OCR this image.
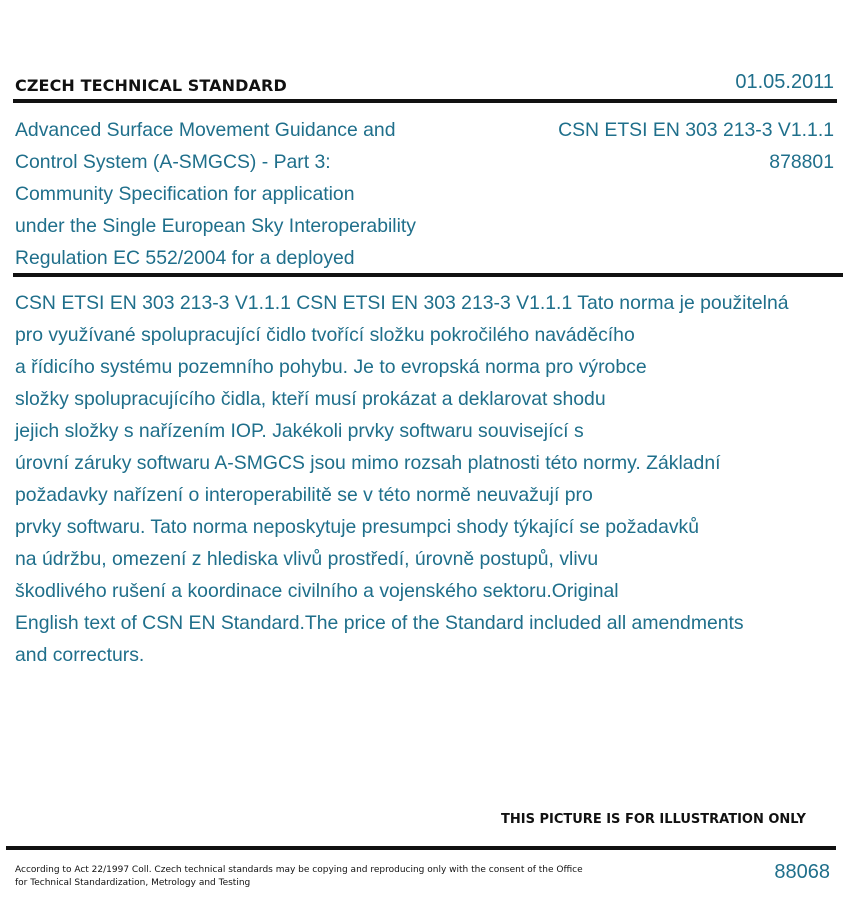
CZECH TECHNICAL STANDARD	01.05.2011
Advanced Surface Movement Guidance and
Control System (A-SMGCS) - Part 3:
Community Specification for application
under the Single European Sky Interoperability
Regulation EC 552/2004 for a deployed
CSN ETSI EN 303 213-3 V1.1.1
878801
CSN ETSI EN 303 213-3 V1.1.1 CSN ETSI EN 303 213-3 V1.1.1 Tato norma je použitelná
pro využívané spolupracující čidlo tvořící složku pokročilého naváděcího
a řídicího systému pozemního pohybu. Je to evropská norma pro výrobce
složky spolupracujícího čidla, kteří musí prokázat a deklarovat shodu
jejich složky s nařízením IOP. Jakékoli prvky softwaru související s
úrovní záruky softwaru A-SMGCS jsou mimo rozsah platnosti této normy. Základní
požadavky nařízení o interoperabilitě se v této normě neuvažují pro
prvky softwaru. Tato norma neposkytuje presumpci shody týkající se požadavků
na údržbu, omezení z hlediska vlivů prostředí, úrovně postupů, vlivu
škodlivého rušení a koordinace civilního a vojenského sektoru.Original
English text of CSN EN Standard.The price of the Standard included all amendments
and correcturs.
THIS PICTURE IS FOR ILLUSTRATION ONLY
According to Act 22/1997 Coll. Czech technical standards may be copying and reproducing only with the consent of the Office
for Technical Standardization, Metrology and Testing	88068
